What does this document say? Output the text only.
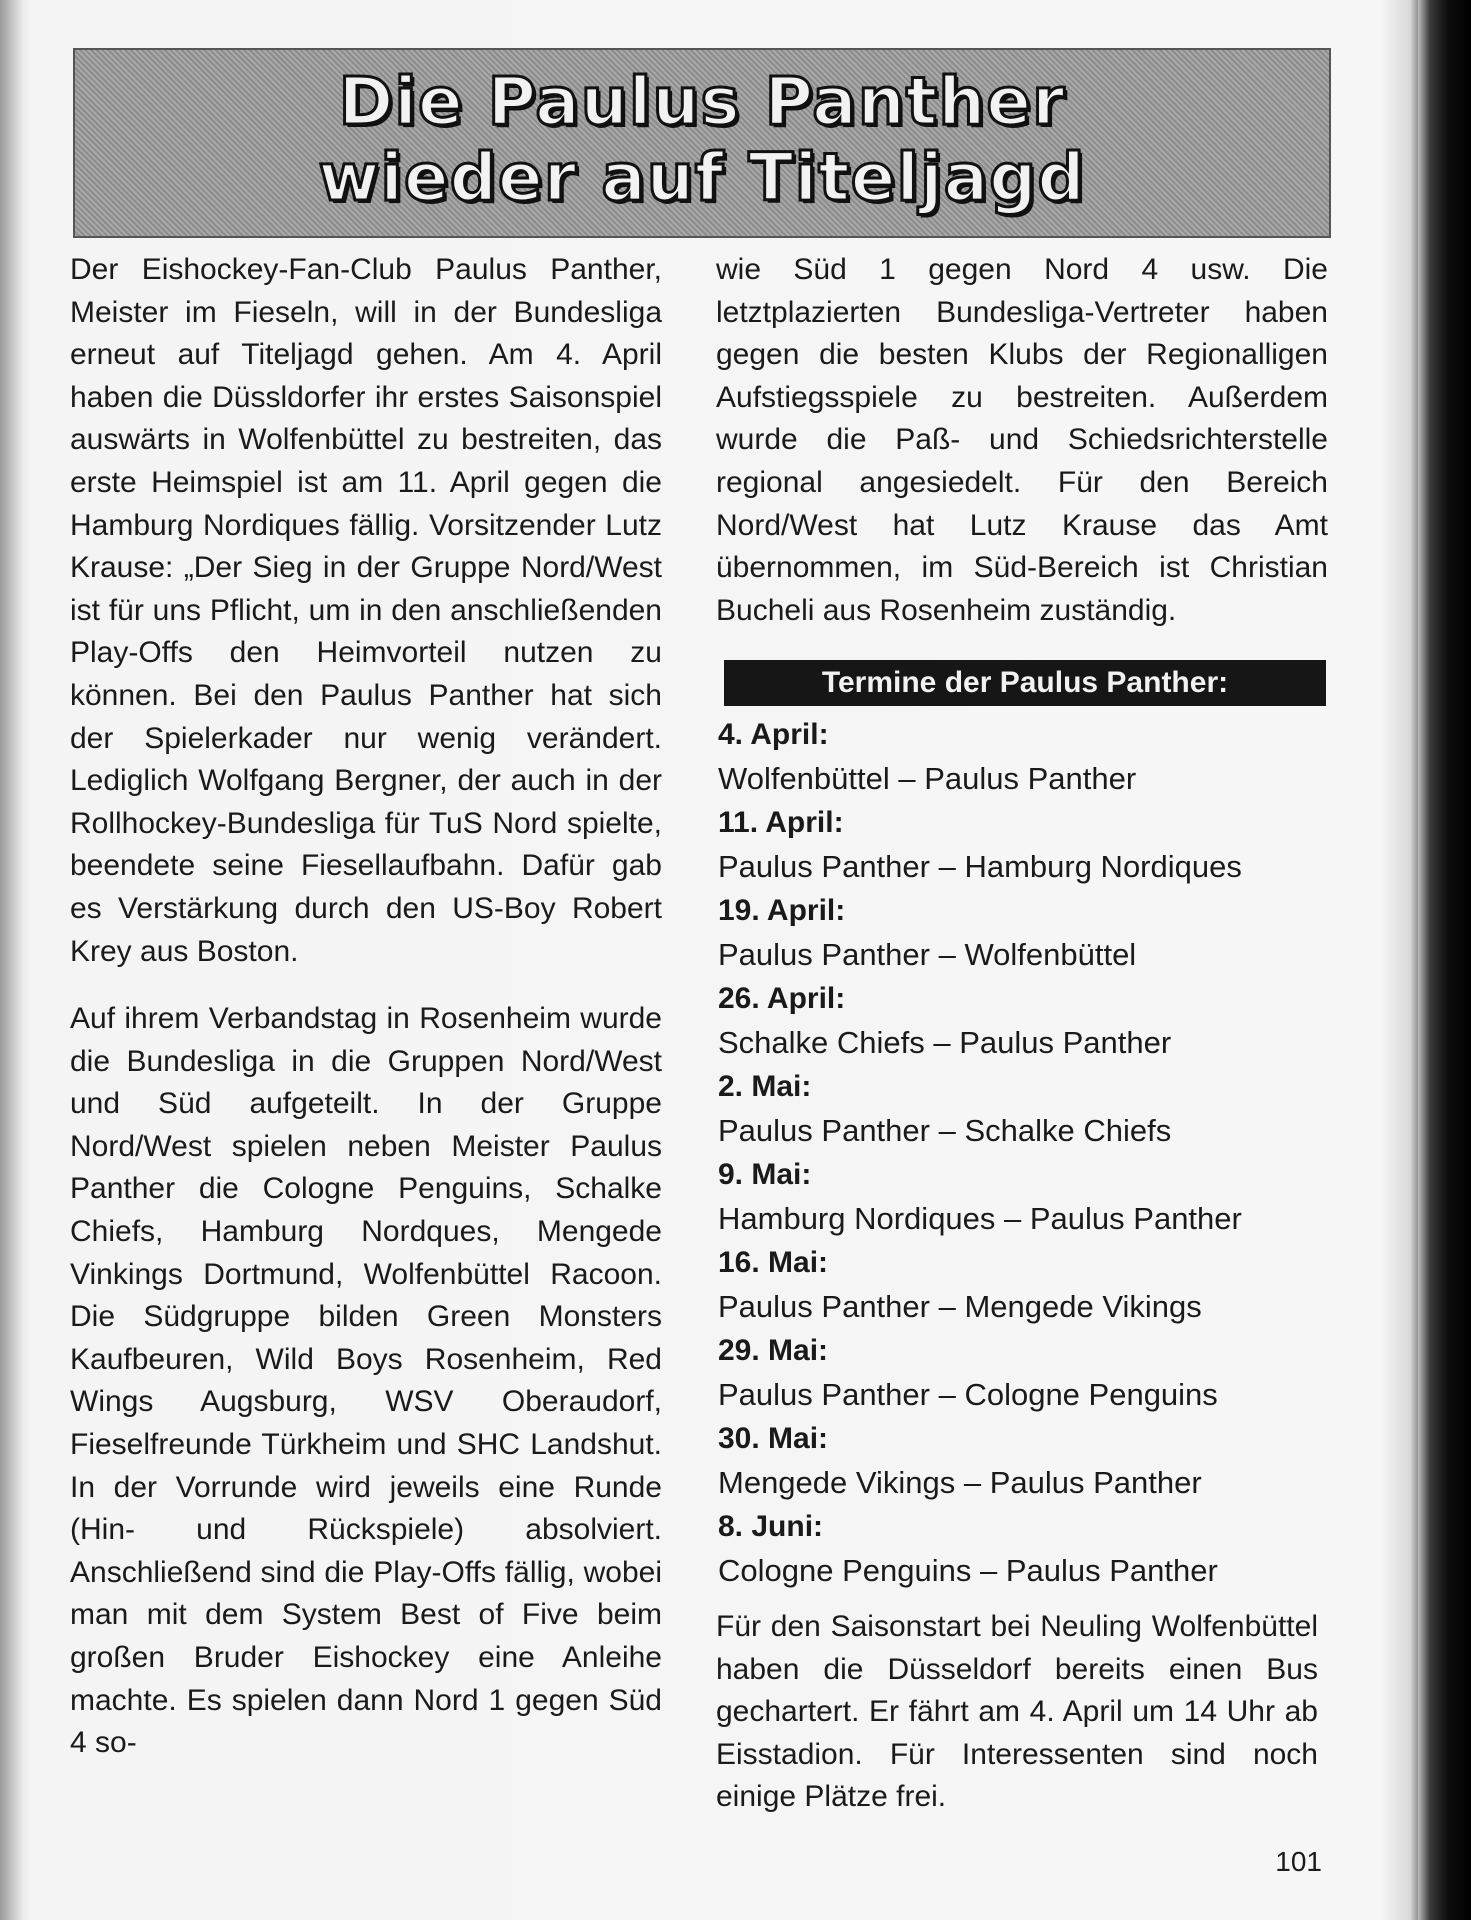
Die Paulus Panther
wieder auf Titeljagd

Der Eishockey-Fan-Club Paulus Panther, Meister im Fieseln, will in der Bundesliga erneut auf Titeljagd gehen. Am 4. April haben die Düssldorfer ihr erstes Saisonspiel auswärts in Wolfenbüttel zu bestreiten, das erste Heimspiel ist am 11. April gegen die Hamburg Nordiques fällig. Vorsitzender Lutz Krause: „Der Sieg in der Gruppe Nord/West ist für uns Pflicht, um in den anschließenden Play-Offs den Heimvorteil nutzen zu können. Bei den Paulus Panther hat sich der Spielerkader nur wenig verändert. Lediglich Wolfgang Bergner, der auch in der Rollhockey-Bundesliga für TuS Nord spielte, beendete seine Fiesellaufbahn. Dafür gab es Verstärkung durch den US-Boy Robert Krey aus Boston.

Auf ihrem Verbandstag in Rosenheim wurde die Bundesliga in die Gruppen Nord/West und Süd aufgeteilt. In der Gruppe Nord/West spielen neben Meister Paulus Panther die Cologne Penguins, Schalke Chiefs, Hamburg Nordques, Mengede Vinkings Dortmund, Wolfenbüttel Racoon. Die Südgruppe bilden Green Monsters Kaufbeuren, Wild Boys Rosenheim, Red Wings Augsburg, WSV Oberaudorf, Fieselfreunde Türkheim und SHC Landshut. In der Vorrunde wird jeweils eine Runde (Hin- und Rückspiele) absolviert. Anschließend sind die Play-Offs fällig, wobei man mit dem System Best of Five beim großen Bruder Eishockey eine Anleihe machte. Es spielen dann Nord 1 gegen Süd 4 so-

wie Süd 1 gegen Nord 4 usw. Die letztplazierten Bundesliga-Vertreter haben gegen die besten Klubs der Regionalligen Aufstiegsspiele zu bestreiten. Außerdem wurde die Paß- und Schiedsrichterstelle regional angesiedelt. Für den Bereich Nord/West hat Lutz Krause das Amt übernommen, im Süd-Bereich ist Christian Bucheli aus Rosenheim zuständig.

Termine der Paulus Panther:
4. April:
Wolfenbüttel – Paulus Panther
11. April:
Paulus Panther – Hamburg Nordiques
19. April:
Paulus Panther – Wolfenbüttel
26. April:
Schalke Chiefs – Paulus Panther
2. Mai:
Paulus Panther – Schalke Chiefs
9. Mai:
Hamburg Nordiques – Paulus Panther
16. Mai:
Paulus Panther – Mengede Vikings
29. Mai:
Paulus Panther – Cologne Penguins
30. Mai:
Mengede Vikings – Paulus Panther
8. Juni:
Cologne Penguins – Paulus Panther
Für den Saisonstart bei Neuling Wolfenbüttel haben die Düsseldorf bereits einen Bus gechartert. Er fährt am 4. April um 14 Uhr ab Eisstadion. Für Interessenten sind noch einige Plätze frei.
101
